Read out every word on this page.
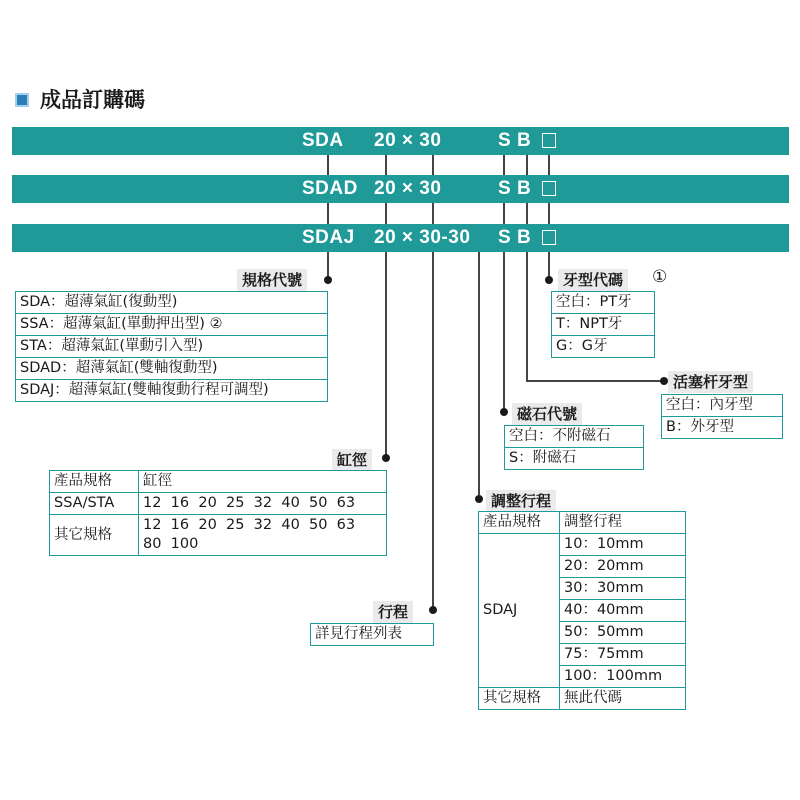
成品訂購碼
SDA 20 × 30	S B
SDAD 20 × 30	S B
SDAJ 20 × 30-30 S B
規格代號
SDA：超薄氣缸(復動型)
SSA：超薄氣缸(單動押出型) ②
STA：超薄氣缸(單動引入型)
SDAD：超薄氣缸(雙軸復動型)
SDAJ：超薄氣缸(雙軸復動行程可調型)
缸徑
產品規格	缸徑
SSA/STA	12  16  20  25  32  40  50  63
其它規格	12  16  20  25  32  40  50  63
80  100
行程
詳見行程列表
調整行程
產品規格	調整行程
SDAJ	10：10mm
	20：20mm
	30：30mm
	40：40mm
	50：50mm
	75：75mm
	100：100mm
其它規格	無此代碼
磁石代號
空白：不附磁石
S：附磁石
活塞杆牙型
空白：內牙型
B：外牙型
牙型代碼 ①
空白：PT牙
T：NPT牙
G：G牙
